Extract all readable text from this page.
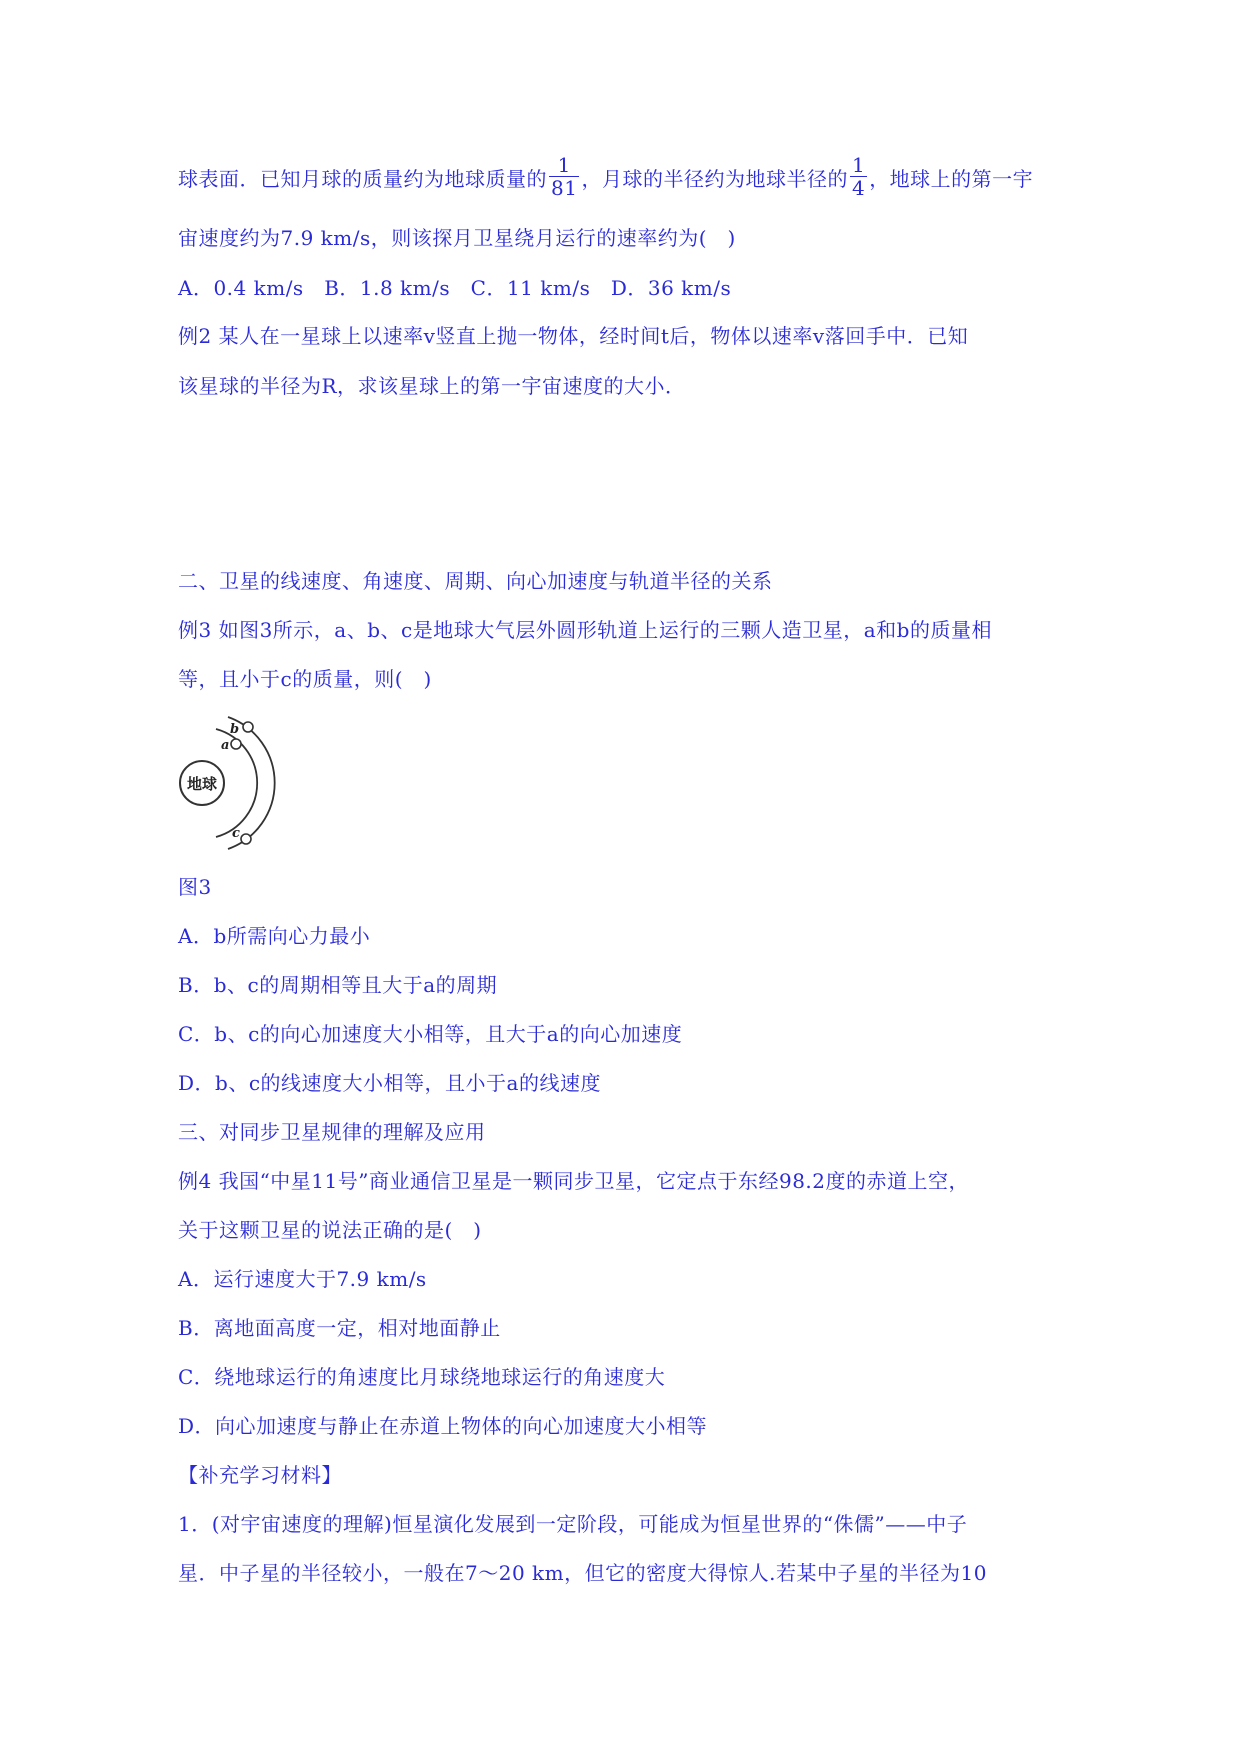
球表面．已知月球的质量约为地球质量的 $\frac{1}{81}$ ，月球的半径约为地球半径的 $\frac{1}{4}$ ，地球上的第一宇
宙速度约为7.9 km/s，则该探月卫星绕月运行的速率约为(　)
A．0.4 km/s　B．1.8 km/s　C．11 km/s　D．36 km/s
例2 某人在一星球上以速率v竖直上抛一物体，经时间t后，物体以速率v落回手中．已知
该星球的半径为R，求该星球上的第一宇宙速度的大小．
二、卫星的线速度、角速度、周期、向心加速度与轨道半径的关系
例3 如图3所示，a、b、c是地球大气层外圆形轨道上运行的三颗人造卫星，a和b的质量相
等，且小于c的质量，则(　)
地球
b
a
c
图3
A．b所需向心力最小
B．b、c的周期相等且大于a的周期
C．b、c的向心加速度大小相等，且大于a的向心加速度
D．b、c的线速度大小相等，且小于a的线速度
三、对同步卫星规律的理解及应用
例4 我国“中星11号”商业通信卫星是一颗同步卫星，它定点于东经98.2度的赤道上空，
关于这颗卫星的说法正确的是(　)
A．运行速度大于7.9 km/s
B．离地面高度一定，相对地面静止
C．绕地球运行的角速度比月球绕地球运行的角速度大
D．向心加速度与静止在赤道上物体的向心加速度大小相等
【补充学习材料】
1．(对宇宙速度的理解)恒星演化发展到一定阶段，可能成为恒星世界的“侏儒”——中子
星．中子星的半径较小，一般在7～20 km，但它的密度大得惊人.若某中子星的半径为10
